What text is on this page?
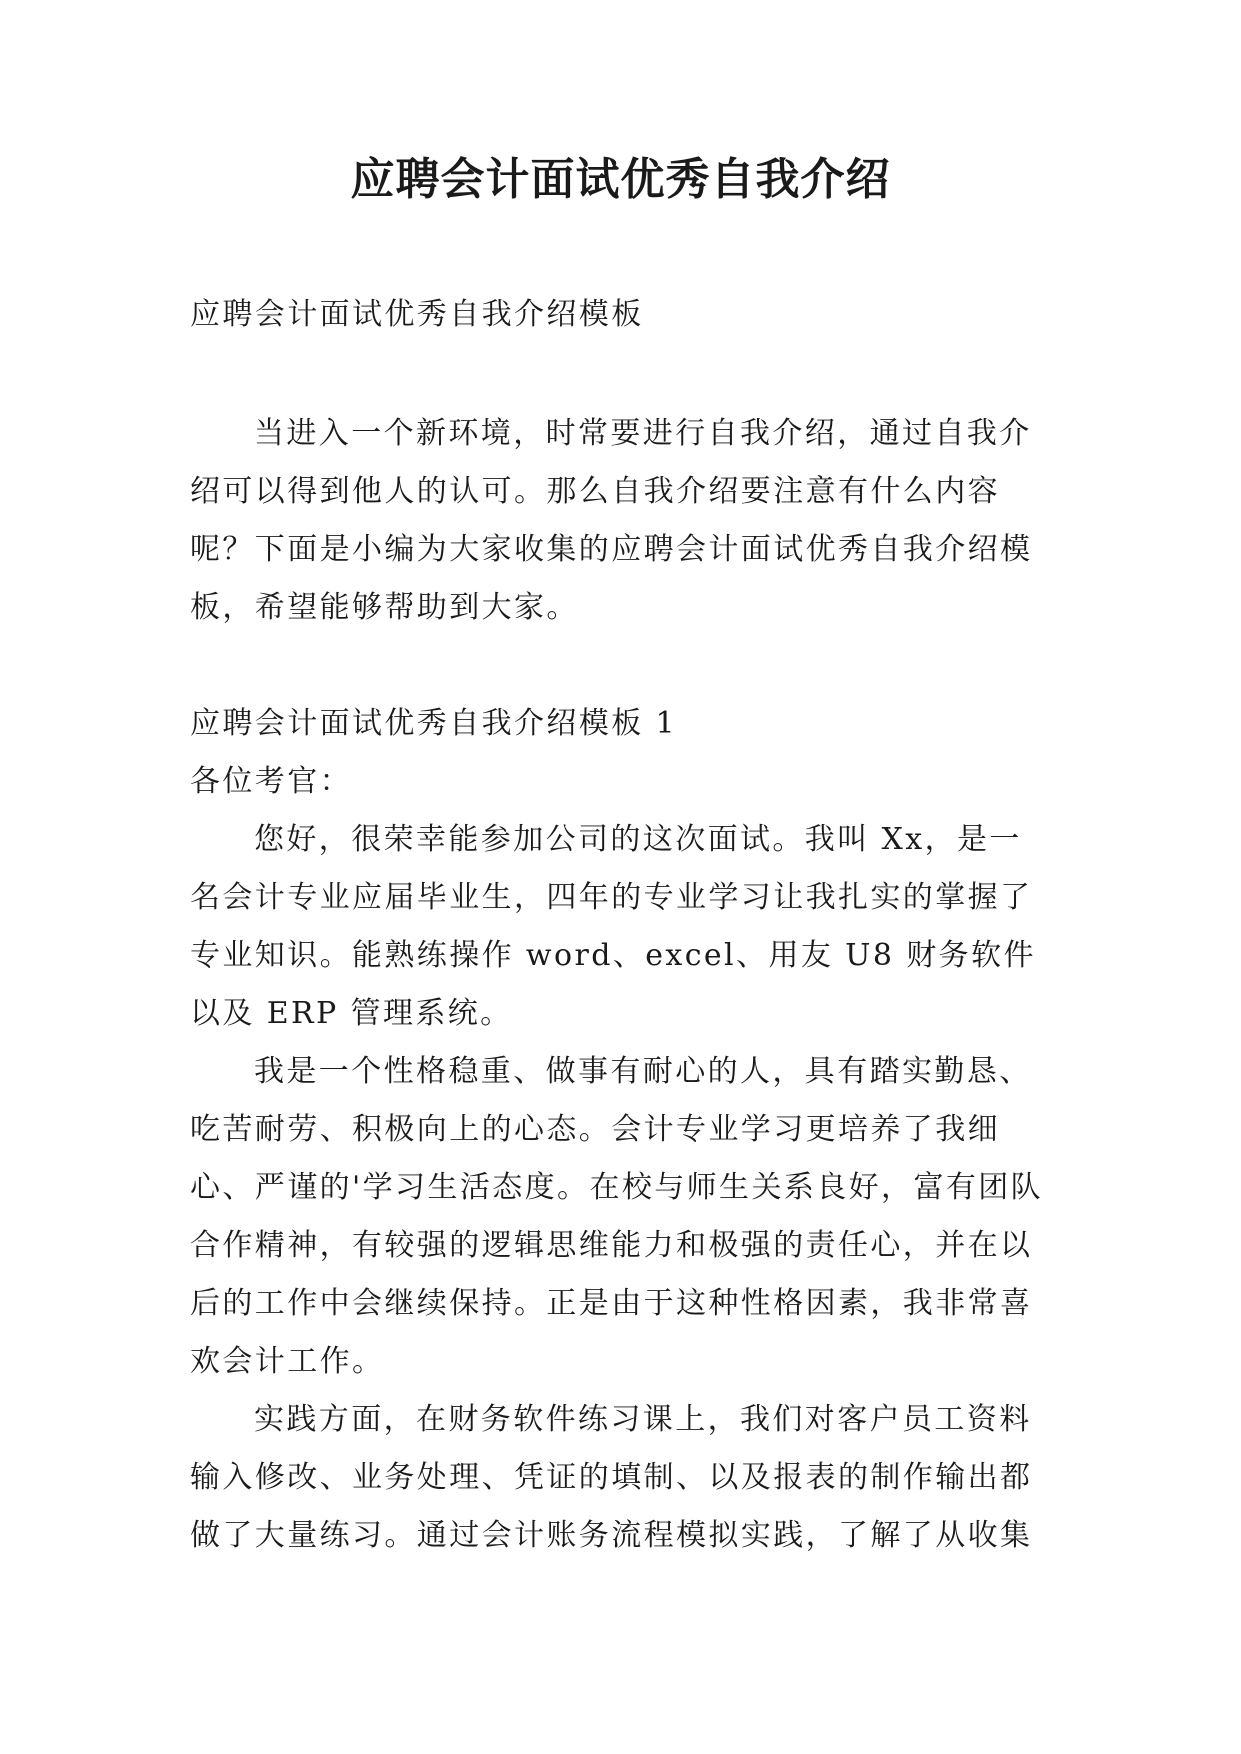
应聘会计面试优秀自我介绍

应聘会计面试优秀自我介绍模板

当进入一个新环境，时常要进行自我介绍，通过自我介绍可以得到他人的认可。那么自我介绍要注意有什么内容呢？下面是小编为大家收集的应聘会计面试优秀自我介绍模板，希望能够帮助到大家。

应聘会计面试优秀自我介绍模板 1

各位考官：

您好，很荣幸能参加公司的这次面试。我叫 Xx，是一名会计专业应届毕业生，四年的专业学习让我扎实的掌握了专业知识。能熟练操作 word、excel、用友 U8 财务软件以及 ERP 管理系统。

我是一个性格稳重、做事有耐心的人，具有踏实勤恳、吃苦耐劳、积极向上的心态。会计专业学习更培养了我细心、严谨的'学习生活态度。在校与师生关系良好，富有团队合作精神，有较强的逻辑思维能力和极强的责任心，并在以后的工作中会继续保持。正是由于这种性格因素，我非常喜欢会计工作。

实践方面，在财务软件练习课上，我们对客户员工资料输入修改、业务处理、凭证的填制、以及报表的制作输出都做了大量练习。通过会计账务流程模拟实践，了解了从收集
